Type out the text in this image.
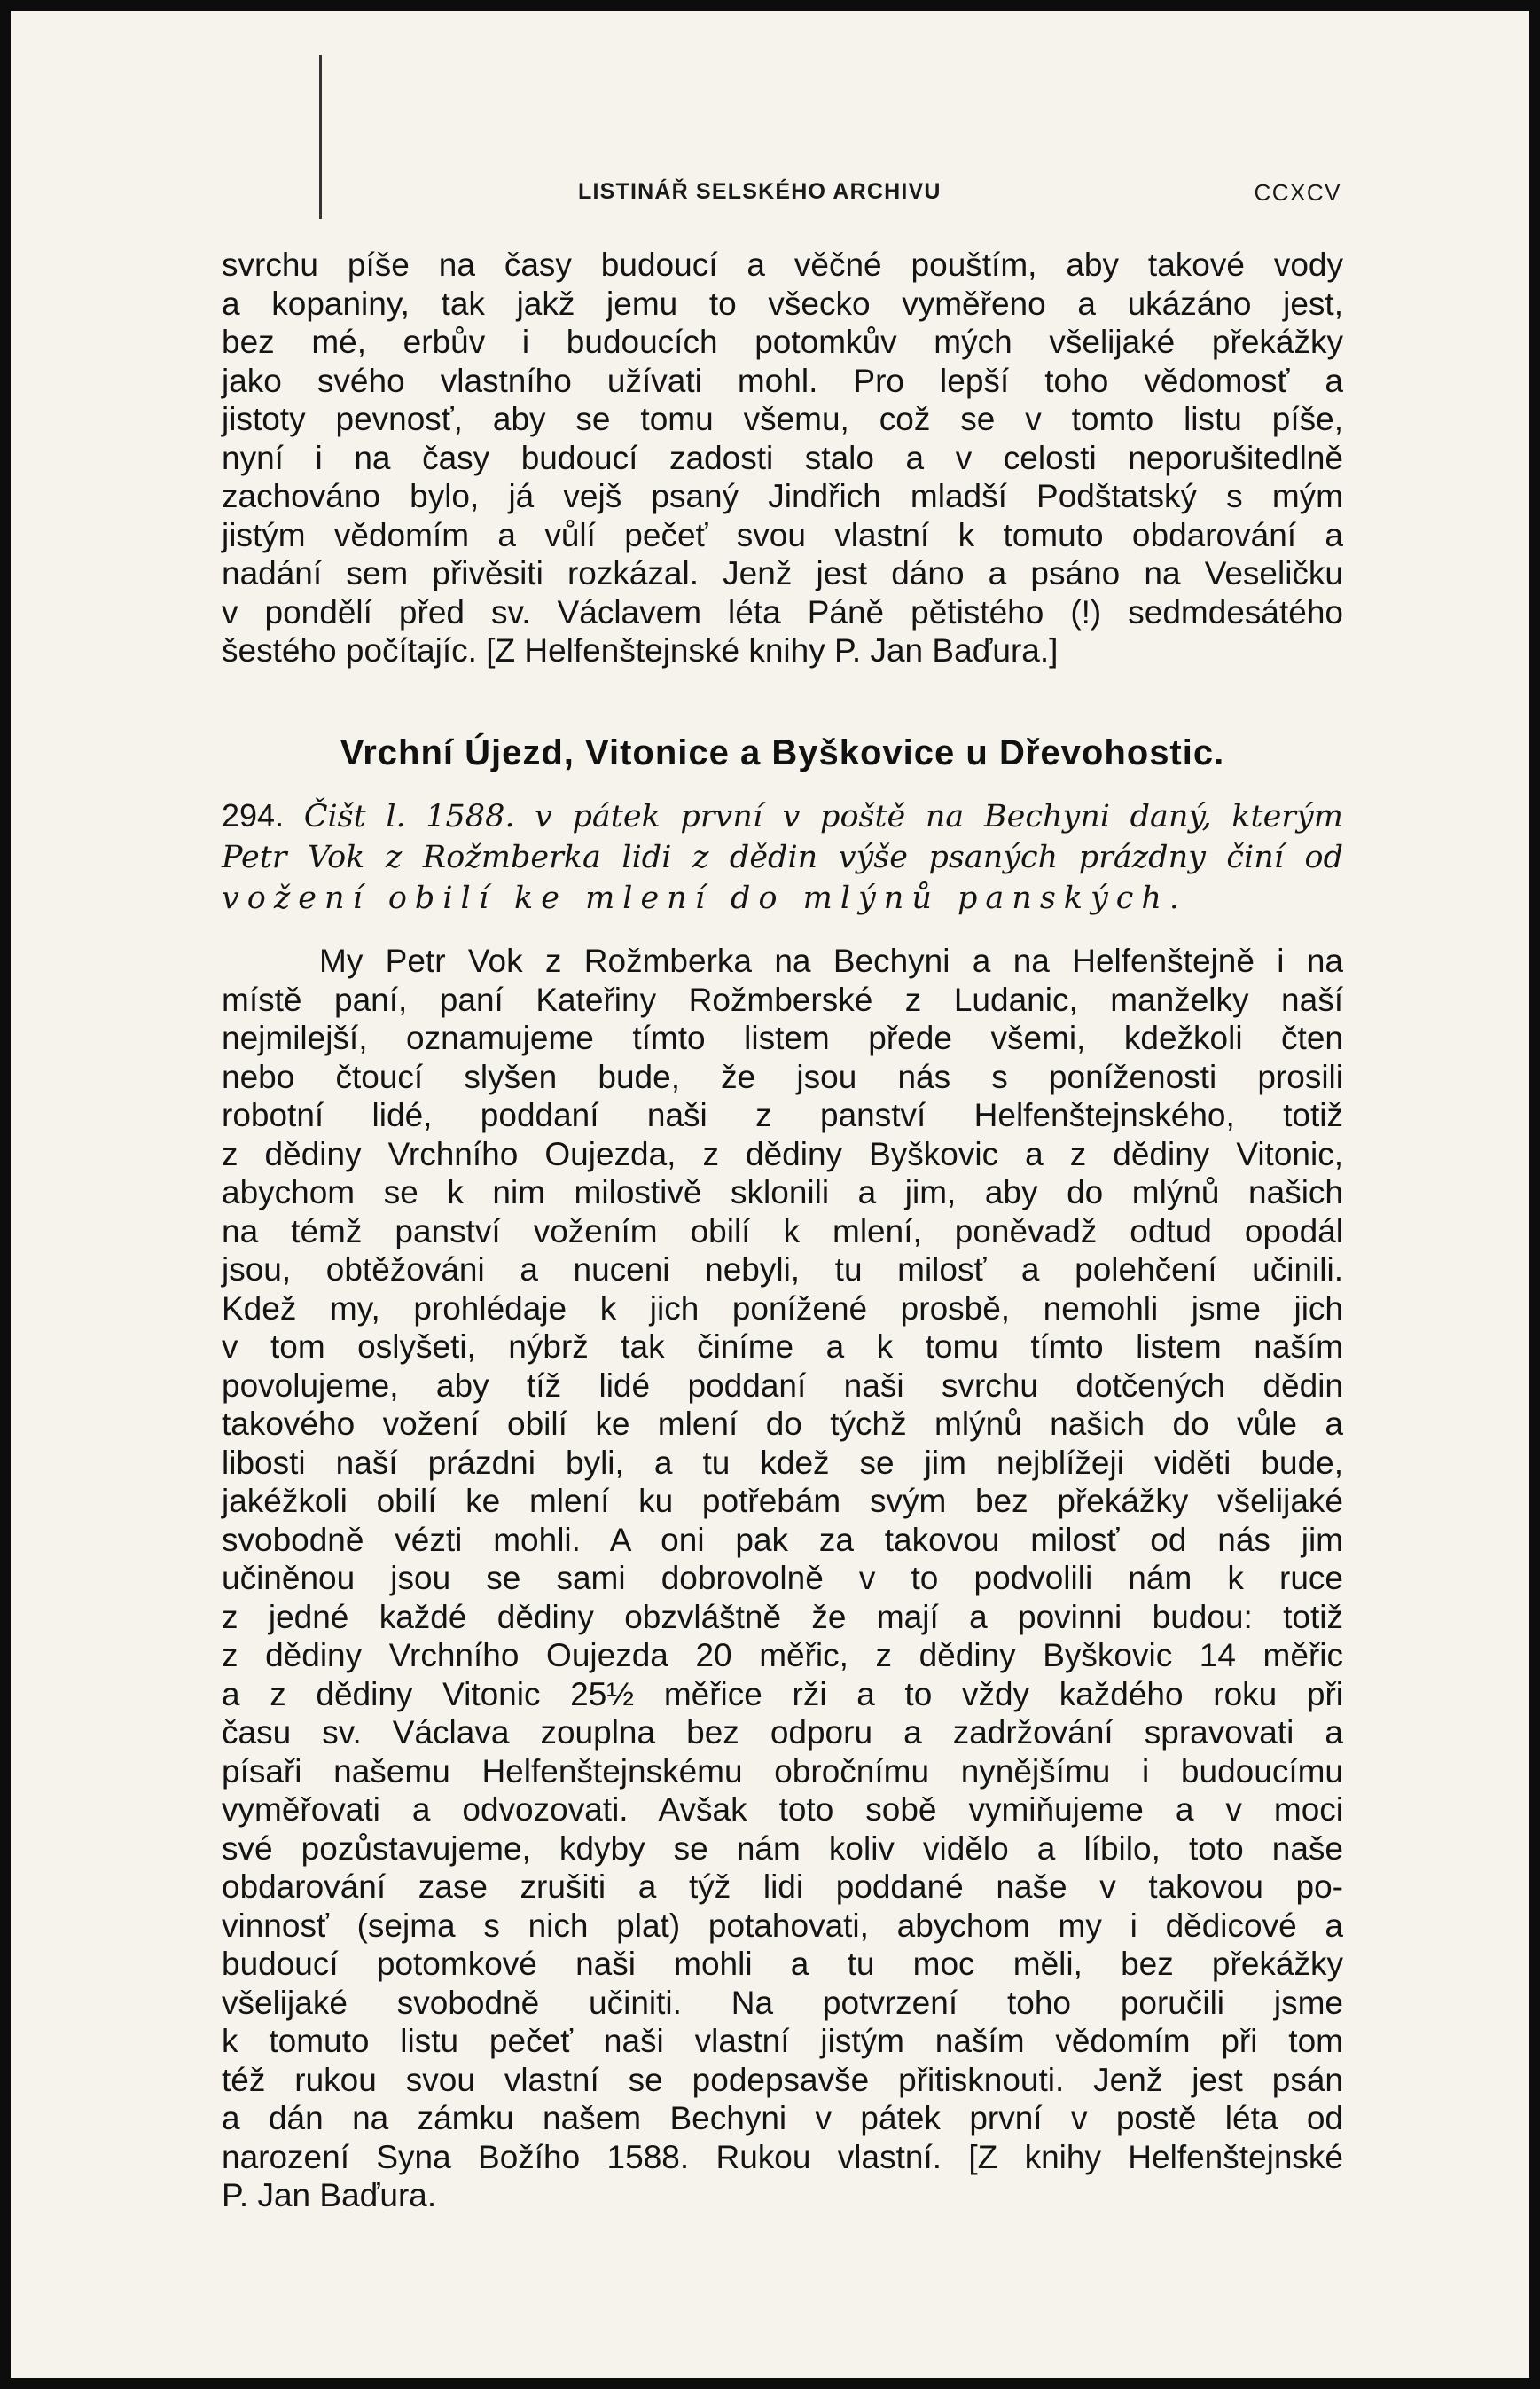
LISTINÁŘ SELSKÉHO ARCHIVU	CCXCV
svrchu píše na časy budoucí a věčné pouštím, aby takové vody
a kopaniny, tak jakž jemu to všecko vyměřeno a ukázáno jest,
bez mé, erbův i budoucích potomkův mých všelijaké překážky
jako svého vlastního užívati mohl. Pro lepší toho vědomosť a
jistoty pevnosť, aby se tomu všemu, což se v tomto listu píše,
nyní i na časy budoucí zadosti stalo a v celosti neporušitedlně
zachováno bylo, já vejš psaný Jindřich mladší Podštatský s mým
jistým vědomím a vůlí pečeť svou vlastní k tomuto obdarování a
nadání sem přivěsiti rozkázal. Jenž jest dáno a psáno na Veseličku
v pondělí před sv. Václavem léta Páně pětistého (!) sedmdesátého
šestého počítajíc. [Z Helfenštejnské knihy P. Jan Baďura.]
Vrchní Újezd, Vitonice a Byškovice u Dřevohostic.
294. Čišt l. 1588. v pátek první v poště na Bechyni daný, kterým
Petr Vok z Rožmberka lidi z dědin výše psaných prázdny činí od
vožení obilí ke mlení do mlýnů panských.
My Petr Vok z Rožmberka na Bechyni a na Helfenštejně i na
místě paní, paní Kateřiny Rožmberské z Ludanic, manželky naší
nejmilejší, oznamujeme tímto listem přede všemi, kdežkoli čten
nebo čtoucí slyšen bude, že jsou nás s poníženosti prosili
robotní lidé, poddaní naši z panství Helfenštejnského, totiž
z dědiny Vrchního Oujezda, z dědiny Byškovic a z dědiny Vitonic,
abychom se k nim milostivě sklonili a jim, aby do mlýnů našich
na témž panství vožením obilí k mlení, poněvadž odtud opodál
jsou, obtěžováni a nuceni nebyli, tu milosť a polehčení učinili.
Kdež my, prohlédaje k jich ponížené prosbě, nemohli jsme jich
v tom oslyšeti, nýbrž tak činíme a k tomu tímto listem naším
povolujeme, aby tíž lidé poddaní naši svrchu dotčených dědin
takového vožení obilí ke mlení do týchž mlýnů našich do vůle a
libosti naší prázdni byli, a tu kdež se jim nejblížeji viděti bude,
jakéžkoli obilí ke mlení ku potřebám svým bez překážky všelijaké
svobodně vézti mohli. A oni pak za takovou milosť od nás jim
učiněnou jsou se sami dobrovolně v to podvolili nám k ruce
z jedné každé dědiny obzvláštně že mají a povinni budou: totiž
z dědiny Vrchního Oujezda 20 měřic, z dědiny Byškovic 14 měřic
a z dědiny Vitonic 25½ měřice rži a to vždy každého roku při
času sv. Václava zouplna bez odporu a zadržování spravovati a
písaři našemu Helfenštejnskému obročnímu nynějšímu i budoucímu
vyměřovati a odvozovati. Avšak toto sobě vymiňujeme a v moci
své pozůstavujeme, kdyby se nám koliv vidělo a líbilo, toto naše
obdarování zase zrušiti a týž lidi poddané naše v takovou po-
vinnosť (sejma s nich plat) potahovati, abychom my i dědicové a
budoucí potomkové naši mohli a tu moc měli, bez překážky
všelijaké svobodně učiniti. Na potvrzení toho poručili jsme
k tomuto listu pečeť naši vlastní jistým naším vědomím při tom
též rukou svou vlastní se podepsavše přitisknouti. Jenž jest psán
a dán na zámku našem Bechyni v pátek první v postě léta od
narození Syna Božího 1588. Rukou vlastní. [Z knihy Helfenštejnské
P. Jan Baďura.
